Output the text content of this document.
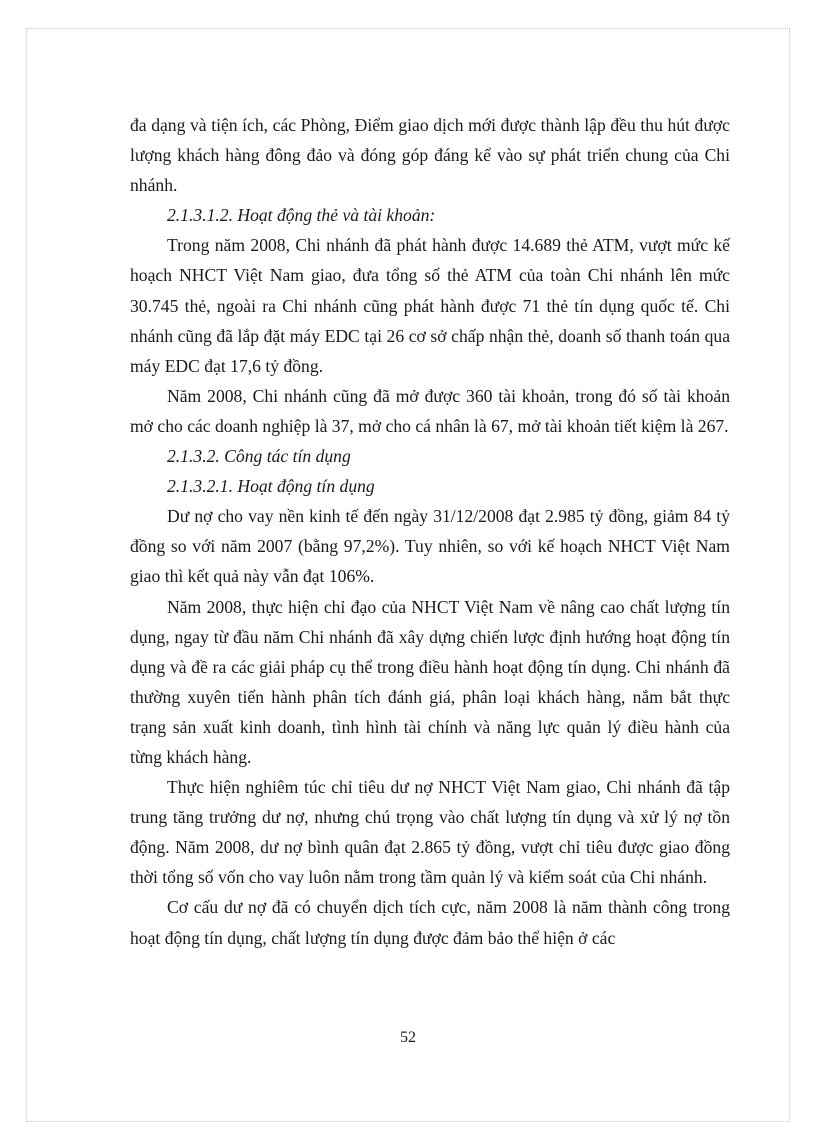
đa dạng và tiện ích, các Phòng, Điểm giao dịch mới được thành lập đều thu hút được lượng khách hàng đông đảo và đóng góp đáng kể vào sự phát triển chung của Chi nhánh.

2.1.3.1.2. Hoạt động thẻ và tài khoản:

Trong năm 2008, Chi nhánh đã phát hành được 14.689 thẻ ATM, vượt mức kế hoạch NHCT Việt Nam giao, đưa tổng số thẻ ATM của toàn Chi nhánh lên mức 30.745 thẻ, ngoài ra Chi nhánh cũng phát hành được 71 thẻ tín dụng quốc tế. Chi nhánh cũng đã lắp đặt máy EDC tại 26 cơ sở chấp nhận thẻ, doanh số thanh toán qua máy EDC đạt 17,6 tỷ đồng.

Năm 2008, Chi nhánh cũng đã mở được 360 tài khoản, trong đó số tài khoản mở cho các doanh nghiệp là 37, mở cho cá nhân là 67, mở tài khoản tiết kiệm là 267.

2.1.3.2. Công tác tín dụng

2.1.3.2.1. Hoạt động tín dụng

Dư nợ cho vay nền kinh tế đến ngày 31/12/2008 đạt 2.985 tỷ đồng, giảm 84 tỷ đồng so với năm 2007 (bằng 97,2%). Tuy nhiên, so với kế hoạch NHCT Việt Nam giao thì kết quả này vẫn đạt 106%.

Năm 2008, thực hiện chỉ đạo của NHCT Việt Nam về nâng cao chất lượng tín dụng, ngay từ đầu năm Chi nhánh đã xây dựng chiến lược định hướng hoạt động tín dụng và đề ra các giải pháp cụ thể trong điều hành hoạt động tín dụng. Chi nhánh đã thường xuyên tiến hành phân tích đánh giá, phân loại khách hàng, nắm bắt thực trạng sản xuất kinh doanh, tình hình tài chính và năng lực quản lý điều hành của từng khách hàng.

Thực hiện nghiêm túc chỉ tiêu dư nợ NHCT Việt Nam giao, Chi nhánh đã tập trung tăng trưởng dư nợ, nhưng chú trọng vào chất lượng tín dụng và xử lý nợ tồn động. Năm 2008, dư nợ bình quân đạt 2.865 tỷ đồng, vượt chỉ tiêu được giao đồng thời tổng số vốn cho vay luôn nằm trong tầm quản lý và kiểm soát của Chi nhánh.

Cơ cấu dư nợ đã có chuyển dịch tích cực, năm 2008 là năm thành công trong hoạt động tín dụng, chất lượng tín dụng được đảm bảo thể hiện ở các

52
